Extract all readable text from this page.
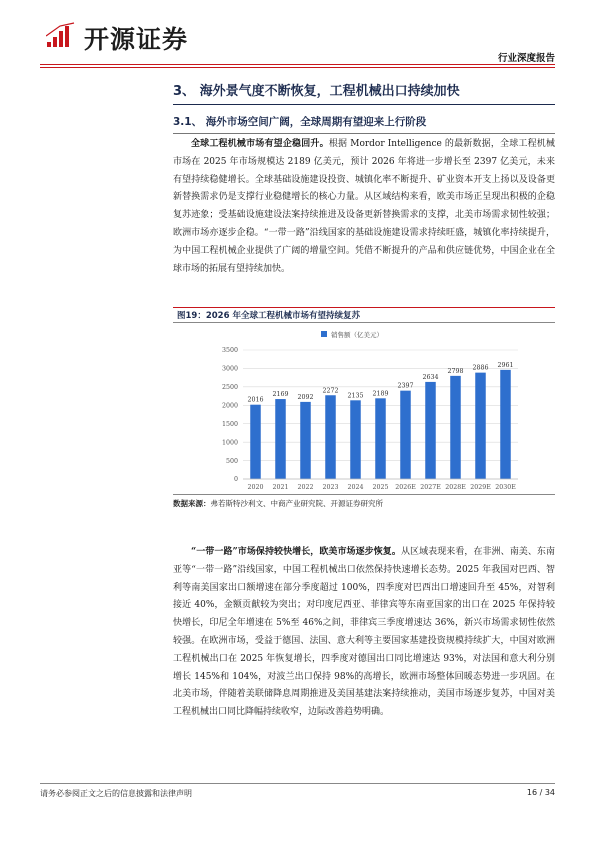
开源证券
行业深度报告
3、 海外景气度不断恢复，工程机械出口持续加快
3.1、 海外市场空间广阔，全球周期有望迎来上行阶段

全球工程机械市场有望企稳回升。根据 Mordor Intelligence 的最新数据，全球工程机械市场在 2025 年市场规模达 2189 亿美元，预计 2026 年将进一步增长至 2397 亿美元，未来有望持续稳健增长。全球基础设施建设投资、城镇化率不断提升、矿业资本开支上扬以及设备更新替换需求仍是支撑行业稳健增长的核心力量。从区域结构来看，欧美市场正呈现出积极的企稳复苏迹象；受基础设施建设法案持续推进及设备更新替换需求的支撑，北美市场需求韧性较强；欧洲市场亦逐步企稳。“一带一路”沿线国家的基础设施建设需求持续旺盛，城镇化率持续提升，为中国工程机械企业提供了广阔的增量空间。凭借不断提升的产品和供应链优势，中国企业在全球市场的拓展有望持续加快。

图19：2026 年全球工程机械市场有望持续复苏
销售额（亿美元）
0
500
1000
1500
2000
2500
3000
3500
2016
2020
2169
2021
2092
2022
2272
2023
2135
2024
2189
2025
2397
2026E
2634
2027E
2798
2028E
2886
2029E
2961
2030E
数据来源：弗若斯特沙利文、中商产业研究院、开源证券研究所

“一带一路”市场保持较快增长，欧美市场逐步恢复。从区域表现来看，在非洲、南美、东南亚等“一带一路”沿线国家，中国工程机械出口依然保持快速增长态势。2025 年我国对巴西、智利等南美国家出口额增速在部分季度超过 100%，四季度对巴西出口增速回升至 45%，对智利接近 40%，金额贡献较为突出；对印度尼西亚、菲律宾等东南亚国家的出口在 2025 年保持较快增长，印尼全年增速在 5%至 46%之间，菲律宾三季度增速达 36%，新兴市场需求韧性依然较强。在欧洲市场，受益于德国、法国、意大利等主要国家基建投资规模持续扩大，中国对欧洲工程机械出口在 2025 年恢复增长，四季度对德国出口同比增速达 93%，对法国和意大利分别增长 145%和 104%，对波兰出口保持 98%的高增长，欧洲市场整体回暖态势进一步巩固。在北美市场，伴随着美联储降息周期推进及美国基建法案持续推动，美国市场逐步复苏，中国对美工程机械出口同比降幅持续收窄，边际改善趋势明确。

请务必参阅正文之后的信息披露和法律声明	16 / 34
